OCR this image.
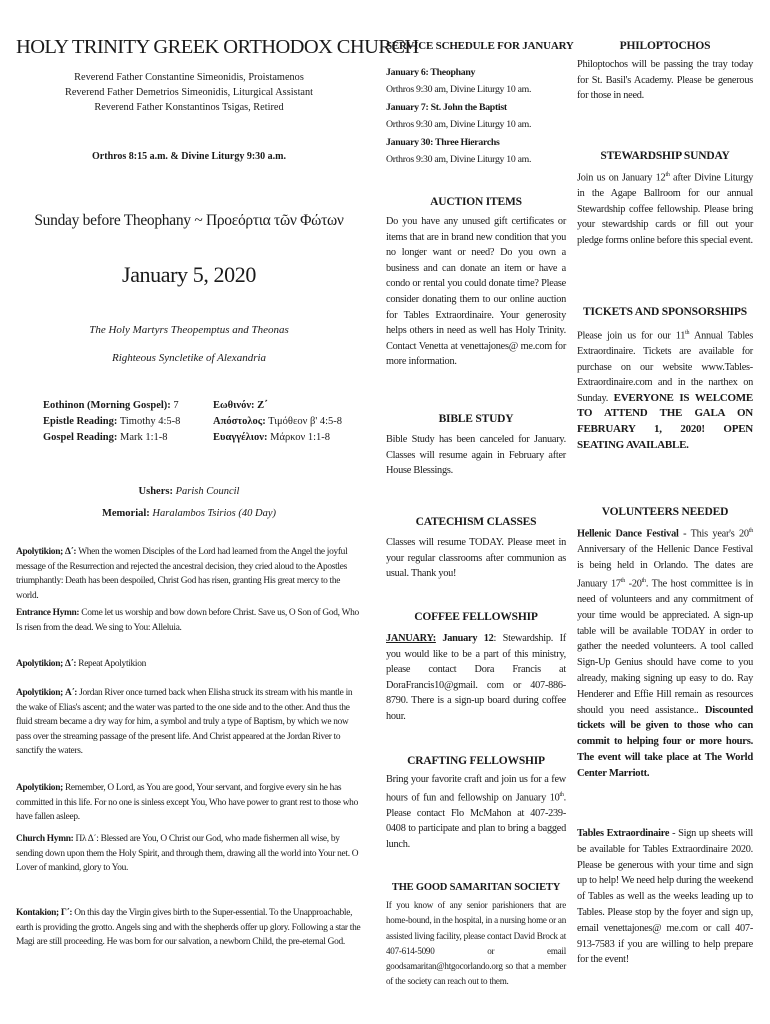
HOLY TRINITY GREEK ORTHODOX CHURCH
Reverend Father Constantine Simeonidis, Proistamenos
Reverend Father Demetrios Simeonidis, Liturgical Assistant
Reverend Father Konstantinos Tsigas, Retired
Orthros 8:15 a.m. & Divine Liturgy 9:30 a.m.
Sunday before Theophany ~ Προεόρτια τῶν Φώτων
January 5, 2020
The Holy Martyrs Theopemptus and Theonas
Righteous Syncletike of Alexandria
Eothinon (Morning Gospel): 7	Εωθινόν: Ζ΄
Epistle Reading: Timothy 4:5-8	Απόστολος: Τιμόθεον β' 4:5-8
Gospel Reading: Mark 1:1-8	Ευαγγέλιον: Μάρκον 1:1-8
Ushers: Parish Council
Memorial: Haralambos Tsirios (40 Day)

Apolytikion; Δ΄: When the women Disciples of the Lord had learned from the Angel the joyful message of the Resurrection and rejected the ancestral decision, they cried aloud to the Apostles triumphantly: Death has been despoiled, Christ God has risen, granting His great mercy to the world.

Entrance Hymn: Come let us worship and bow down before Christ. Save us, O Son of God, Who Is risen from the dead. We sing to You: Alleluia.

Apolytikion; Δ΄: Repeat Apolytikion

Apolytikion; Α΄: Jordan River once turned back when Elisha struck its stream with his mantle in the wake of Elias's ascent; and the water was parted to the one side and to the other. And thus the fluid stream became a dry way for him, a symbol and truly a type of Baptism, by which we now pass over the streaming passage of the present life. And Christ appeared at the Jordan River to sanctify the waters.

Apolytikion; Remember, O Lord, as You are good, Your servant, and forgive every sin he has committed in this life. For no one is sinless except You, Who have power to grant rest to those who have fallen asleep.

Church Hymn: Πλ Δ΄: Blessed are You, O Christ our God, who made fishermen all wise, by sending down upon them the Holy Spirit, and through them, drawing all the world into Your net. O Lover of mankind, glory to You.

Kontakion; Γ΄: On this day the Virgin gives birth to the Super-essential. To the Unapproachable, earth is providing the grotto. Angels sing and with the shepherds offer up glory. Following a star the Magi are still proceeding. He was born for our salvation, a newborn Child, the pre-eternal God.

SERVICE SCHEDULE FOR JANUARY
January 6: Theophany
Orthros 9:30 am, Divine Liturgy 10 am.
January 7: St. John the Baptist
Orthros 9:30 am, Divine Liturgy 10 am.
January 30: Three Hierarchs
Orthros 9:30 am, Divine Liturgy 10 am.
AUCTION ITEMS

Do you have any unused gift certificates or items that are in brand new condition that you no longer want or need? Do you own a business and can donate an item or have a condo or rental you could donate time? Please consider donating them to our online auction for Tables Extraordinaire. Your generosity helps others in need as well has Holy Trinity. Contact Venetta at venettajones@ me.com for more information.

BIBLE STUDY

Bible Study has been canceled for January. Classes will resume again in February after House Blessings.

CATECHISM CLASSES

Classes will resume TODAY. Please meet in your regular classrooms after communion as usual. Thank you!

COFFEE FELLOWSHIP

JANUARY: January 12: Stewardship. If you would like to be a part of this ministry, please contact Dora Francis at DoraFrancis10@gmail. com or 407-886-8790. There is a sign-up board during coffee hour.

CRAFTING FELLOWSHIP

Bring your favorite craft and join us for a few hours of fun and fellowship on January 10th. Please contact Flo McMahon at 407-239-0408 to participate and plan to bring a bagged lunch.

THE GOOD SAMARITAN SOCIETY

If you know of any senior parishioners that are home-bound, in the hospital, in a nursing home or an assisted living facility, please contact David Brock at 407-614-5090 or email goodsamaritan@htgocorlando.org so that a member of the society can reach out to them.

PHILOPTOCHOS

Philoptochos will be passing the tray today for St. Basil's Academy. Please be generous for those in need.

STEWARDSHIP SUNDAY

Join us on January 12th after Divine Liturgy in the Agape Ballroom for our annual Stewardship coffee fellowship. Please bring your stewardship cards or fill out your pledge forms online before this special event.

TICKETS AND SPONSORSHIPS

Please join us for our 11th Annual Tables Extraordinaire. Tickets are available for purchase on our website www.Tables-Extraordinaire.com and in the narthex on Sunday. EVERYONE IS WELCOME TO ATTEND THE GALA ON FEBRUARY 1, 2020! OPEN SEATING AVAILABLE.

VOLUNTEERS NEEDED

Hellenic Dance Festival - This year's 20th Anniversary of the Hellenic Dance Festival is being held in Orlando. The dates are January 17th -20th. The host committee is in need of volunteers and any commitment of your time would be appreciated. A sign-up table will be available TODAY in order to gather the needed volunteers. A tool called Sign-Up Genius should have come to you already, making signing up easy to do. Ray Henderer and Effie Hill remain as resources should you need assistance.. Discounted tickets will be given to those who can commit to helping four or more hours. The event will take place at The World Center Marriott.

Tables Extraordinaire - Sign up sheets will be available for Tables Extraordinaire 2020. Please be generous with your time and sign up to help! We need help during the weekend of Tables as well as the weeks leading up to Tables. Please stop by the foyer and sign up, email venettajones@ me.com or call 407-913-7583 if you are willing to help prepare for the event!
